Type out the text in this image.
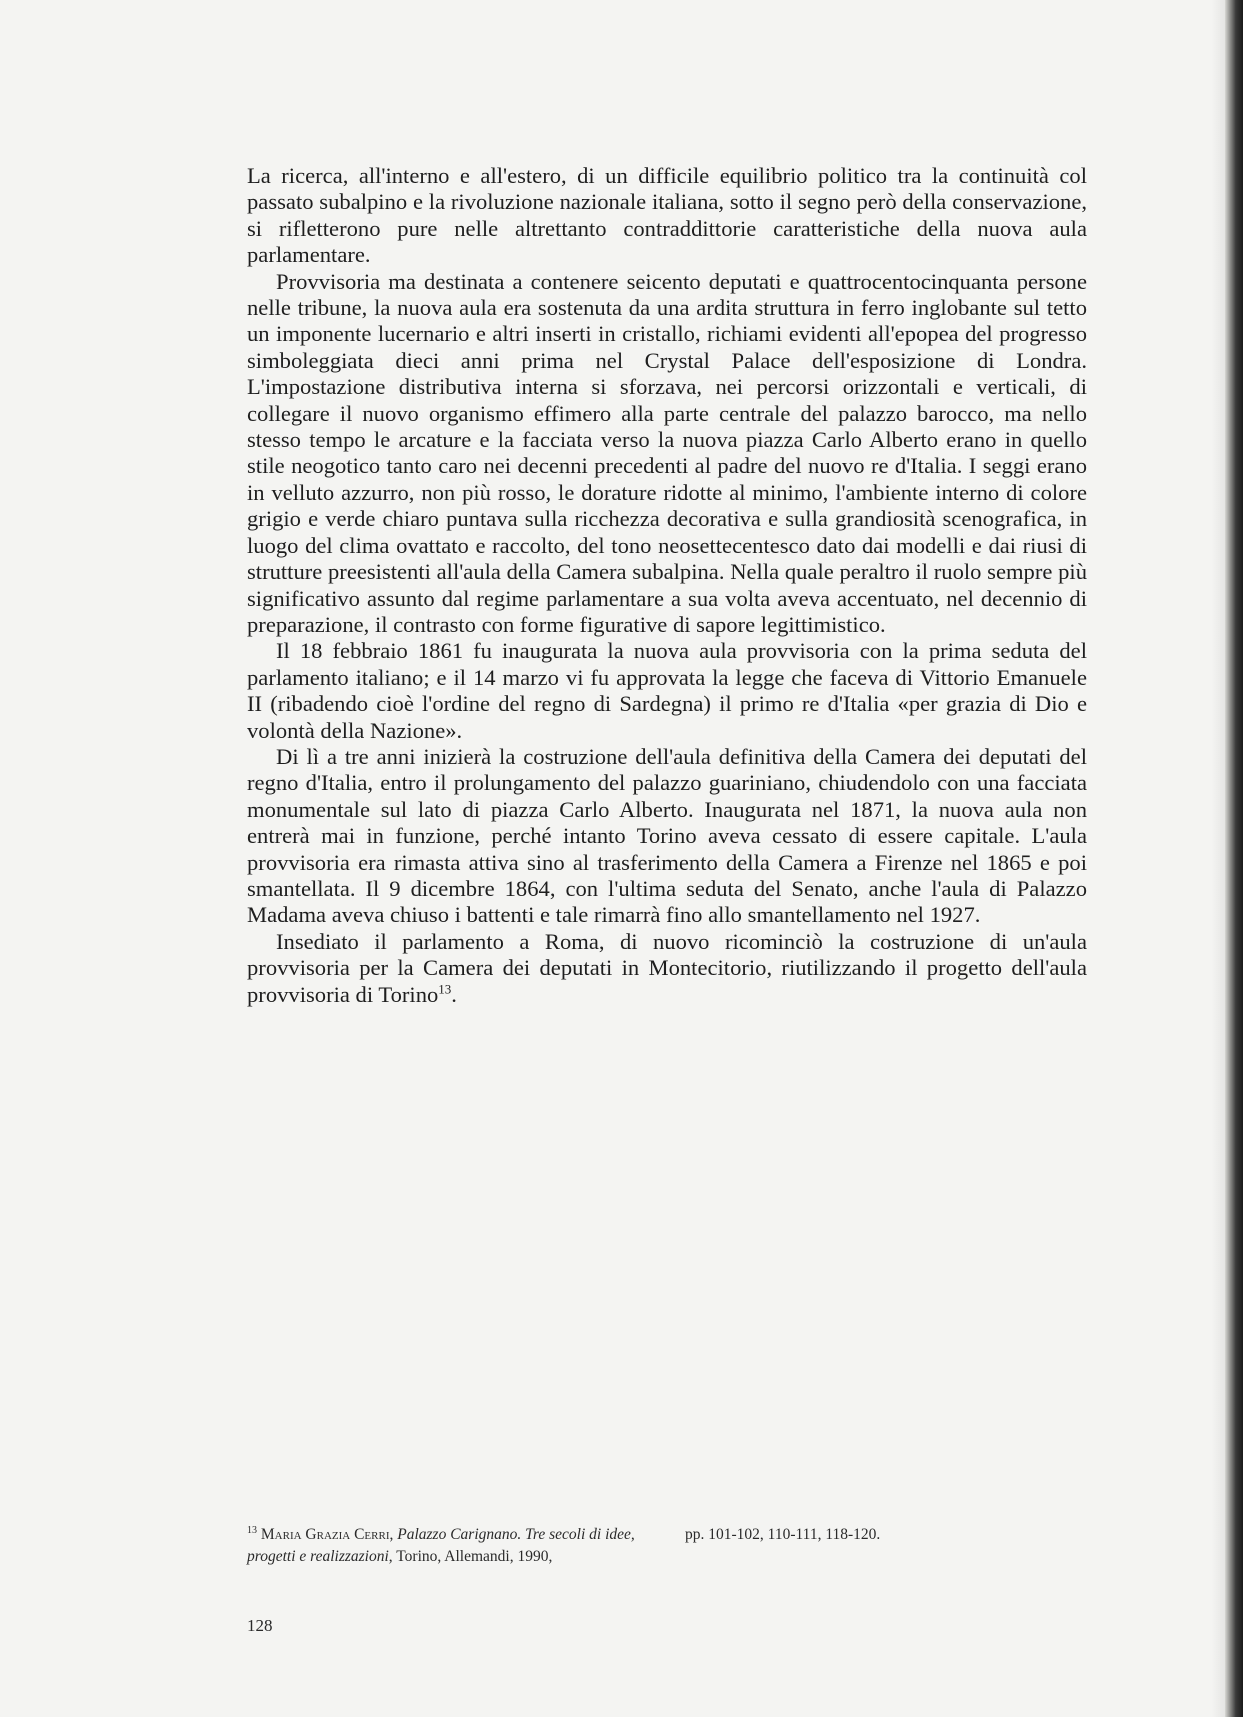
La ricerca, all'interno e all'estero, di un difficile equilibrio politico tra la continuità col passato subalpino e la rivoluzione nazionale italiana, sotto il segno però della conservazione, si rifletterono pure nelle altrettanto contraddittorie caratteristiche della nuova aula parlamentare.

Provvisoria ma destinata a contenere seicento deputati e quattrocentocinquanta persone nelle tribune, la nuova aula era sostenuta da una ardita struttura in ferro inglobante sul tetto un imponente lucernario e altri inserti in cristallo, richiami evidenti all'epopea del progresso simboleggiata dieci anni prima nel Crystal Palace dell'esposizione di Londra. L'impostazione distributiva interna si sforzava, nei percorsi orizzontali e verticali, di collegare il nuovo organismo effimero alla parte centrale del palazzo barocco, ma nello stesso tempo le arcature e la facciata verso la nuova piazza Carlo Alberto erano in quello stile neogotico tanto caro nei decenni precedenti al padre del nuovo re d'Italia. I seggi erano in velluto azzurro, non più rosso, le dorature ridotte al minimo, l'ambiente interno di colore grigio e verde chiaro puntava sulla ricchezza decorativa e sulla grandiosità scenografica, in luogo del clima ovattato e raccolto, del tono neosettecentesco dato dai modelli e dai riusi di strutture preesistenti all'aula della Camera subalpina. Nella quale peraltro il ruolo sempre più significativo assunto dal regime parlamentare a sua volta aveva accentuato, nel decennio di preparazione, il contrasto con forme figurative di sapore legittimistico.

Il 18 febbraio 1861 fu inaugurata la nuova aula provvisoria con la prima seduta del parlamento italiano; e il 14 marzo vi fu approvata la legge che faceva di Vittorio Emanuele II (ribadendo cioè l'ordine del regno di Sardegna) il primo re d'Italia «per grazia di Dio e volontà della Nazione».

Di lì a tre anni inizierà la costruzione dell'aula definitiva della Camera dei deputati del regno d'Italia, entro il prolungamento del palazzo guariniano, chiudendolo con una facciata monumentale sul lato di piazza Carlo Alberto. Inaugurata nel 1871, la nuova aula non entrerà mai in funzione, perché intanto Torino aveva cessato di essere capitale. L'aula provvisoria era rimasta attiva sino al trasferimento della Camera a Firenze nel 1865 e poi smantellata. Il 9 dicembre 1864, con l'ultima seduta del Senato, anche l'aula di Palazzo Madama aveva chiuso i battenti e tale rimarrà fino allo smantellamento nel 1927.

Insediato il parlamento a Roma, di nuovo ricominciò la costruzione di un'aula provvisoria per la Camera dei deputati in Montecitorio, riutilizzando il progetto dell'aula provvisoria di Torino$^{13}$.

$^{13}$ Maria Grazia Cerri, Palazzo Carignano. Tre secoli di idee, progetti e realizzazioni, Torino, Allemandi, 1990,
pp. 101-102, 110-111, 118-120.
128
